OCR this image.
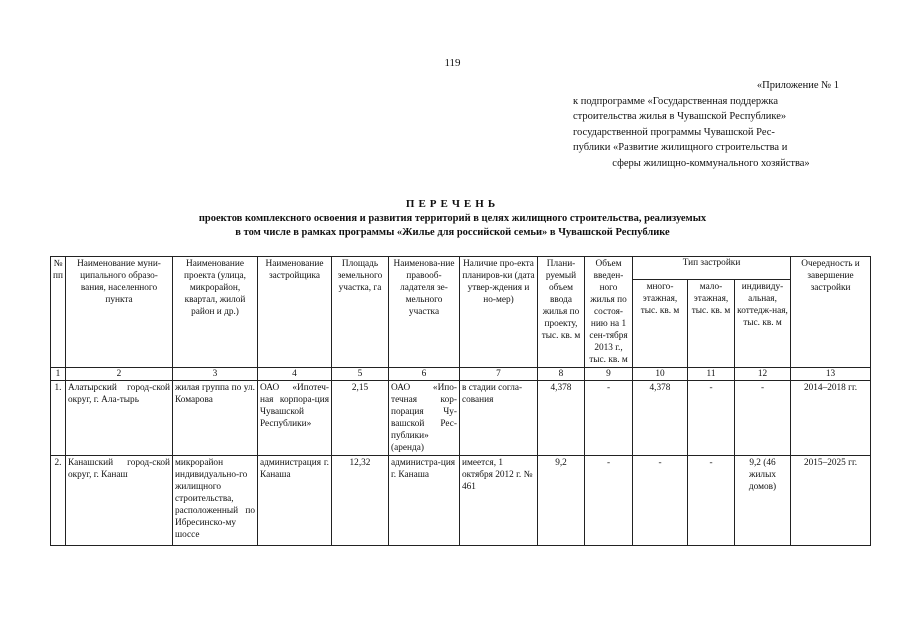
119
«Приложение № 1
к подпрограмме «Государственная поддержка
строительства жилья в Чувашской Республике»
государственной программы Чувашской Рес-
публики «Развитие жилищного строительства и
сферы жилищно-коммунального хозяйства»
ПЕРЕЧЕНЬ
проектов комплексного освоения и развития территорий в целях жилищного строительства, реализуемых
в том числе в рамках программы «Жилье для российской семьи» в Чувашской Республике
№ пп	Наименование муни-ципального образо-вания, населенного пункта	Наименование проекта (улица, микрорайон, квартал, жилой район и др.)	Наименование застройщика	Площадь земельного участка, га	Наименова-ние правооб-ладателя зе-мельного участка	Наличие про-екта планиров-ки (дата утвер-ждения и но-мер)	Плани-руемый объем ввода жилья по проекту, тыс. кв. м	Объем введен-ного жилья по состоя-нию на 1 сен-тября 2013 г., тыс. кв. м	Тип застройки			Очередность и завершение застройки
									много-этажная, тыс. кв. м	мало-этажная, тыс. кв. м	индивиду-альная, коттедж-ная, тыс. кв. м	
1	2	3	4	5	6	7	8	9	10	11	12	13
1.	Алатырский город-ской округ, г. Ала-тырь	жилая группа по ул. Комарова	ОАО «Ипотеч-ная корпора-ция Чувашской Республики»	2,15	ОАО «Ипо-течная кор-порация Чу-вашской Рес-публики» (аренда)	в стадии согла-сования	4,378	-	4,378	-	-	2014–2018 гг.
2.	Канашский город-ской округ, г. Канаш	микрорайон индивидуально-го жилищного строительства, расположенный по Ибресинско-му шоссе	администрация г. Канаша	12,32	администра-ция г. Канаша	имеется, 1 октября 2012 г. № 461	9,2	-	-	-	9,2 (46 жилых домов)	2015–2025 гг.
